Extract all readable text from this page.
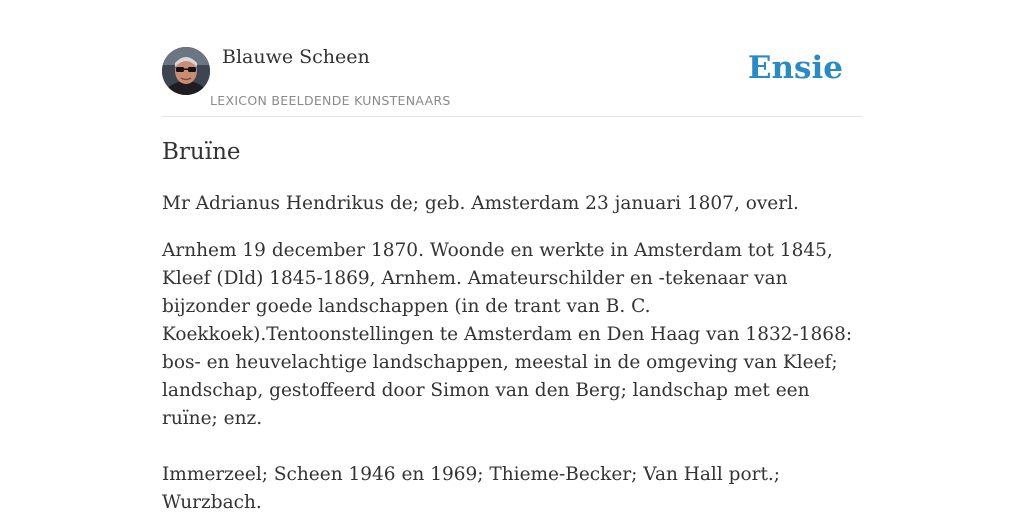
Blauwe Scheen
LEXICON BEELDENDE KUNSTENAARS
Ensie
Bruïne

Mr Adrianus Hendrikus de; geb. Amsterdam 23 januari 1807, overl.

Arnhem 19 december 1870. Woonde en werkte in Amsterdam tot 1845, Kleef (Dld) 1845-1869, Arnhem. Amateurschilder en -tekenaar van bijzonder goede landschappen (in de trant van B. C. Koekkoek).Tentoonstellingen te Amsterdam en Den Haag van 1832-1868: bos- en heuvelachtige landschappen, meestal in de omgeving van Kleef; landschap, gestoffeerd door Simon van den Berg; landschap met een ruïne; enz.

Immerzeel; Scheen 1946 en 1969; Thieme-Becker; Van Hall port.; Wurzbach.
